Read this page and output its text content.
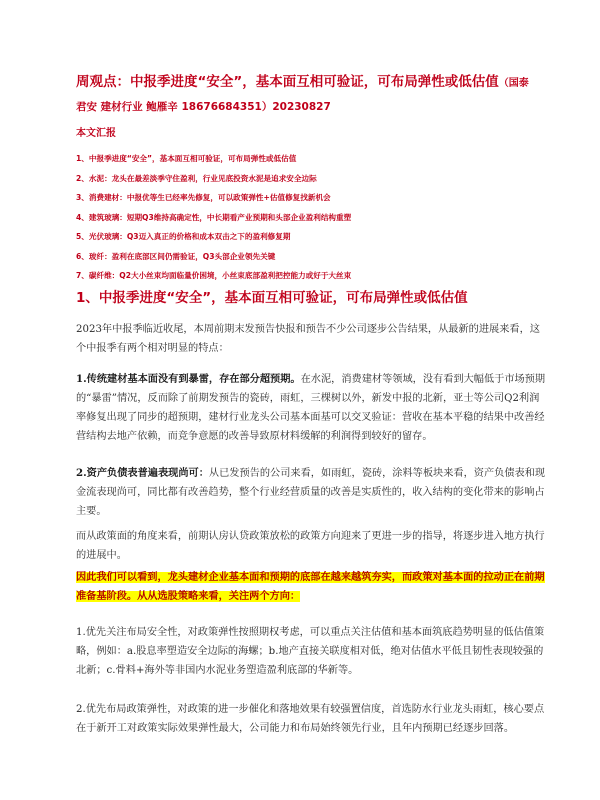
周观点：中报季进度“安全”，基本面互相可验证，可布局弹性或低估值（国泰
君安 建材行业 鲍雁辛 18676684351）20230827
本文汇报
1、中报季进度“安全”，基本面互相可验证，可布局弹性或低估值
2、水泥：龙头在最差淡季守住盈利，行业见底投资水泥是追求安全边际
3、消费建材：中报优等生已经率先修复，可以政策弹性+估值修复找新机会
4、建筑玻璃：短期Q3维持高确定性，中长期看产业预期和头部企业盈利结构重塑
5、光伏玻璃：Q3迈入真正的价格和成本双击之下的盈利修复期
6、玻纤：盈利在底部区间仍需验证，Q3头部企业领先关键
7、碳纤维：Q2大小丝束均面临量价困境，小丝束底部盈利把控能力或好于大丝束
1、中报季进度“安全”，基本面互相可验证，可布局弹性或低估值

2023年中报季临近收尾，本周前期末发预告快报和预告不少公司逐步公告结果，从最新的进展来看，这个中报季有两个相对明显的特点：

1.传统建材基本面没有到暴雷，存在部分超预期。在水泥，消费建材等领域，没有看到大幅低于市场预期的“暴雷”情况，反而除了前期发预告的瓷砖，雨虹，三棵树以外，新发中报的北新，亚士等公司Q2利润率修复出现了同步的超预期，建材行业龙头公司基本面基可以交叉验证：营收在基本平稳的结果中改善经营结构去地产依赖，而竞争意愿的改善导致原材料缓解的利润得到较好的留存。

2.资产负债表普遍表现尚可：从已发预告的公司来看，如雨虹，瓷砖，涂料等板块来看，资产负债表和现金流表现尚可，同比都有改善趋势，整个行业经营质量的改善是实质性的，收入结构的变化带来的影响占主要。

而从政策面的角度来看，前期认房认贷政策放松的政策方向迎来了更进一步的指导，将逐步进入地方执行的进展中。

因此我们可以看到，龙头建材企业基本面和预期的底部在越来越筑夯实，而政策对基本面的拉动正在前期准备基阶段。从从选股策略来看，关注两个方向：

1.优先关注布局安全性，对政策弹性按照期权考虑，可以重点关注估值和基本面筑底趋势明显的低估值策略，例如：a.股息率塑造安全边际的海螺；b.地产直接关联度相对低，绝对估值水平低且韧性表现较强的北新；c.骨料+海外等非国内水泥业务塑造盈利底部的华新等。

2.优先布局政策弹性，对政策的进一步催化和落地效果有较强置信度，首选防水行业龙头雨虹，核心要点在于新开工对政策实际效果弹性最大，公司能力和布局始终领先行业，且年内预期已经逐步回落。
